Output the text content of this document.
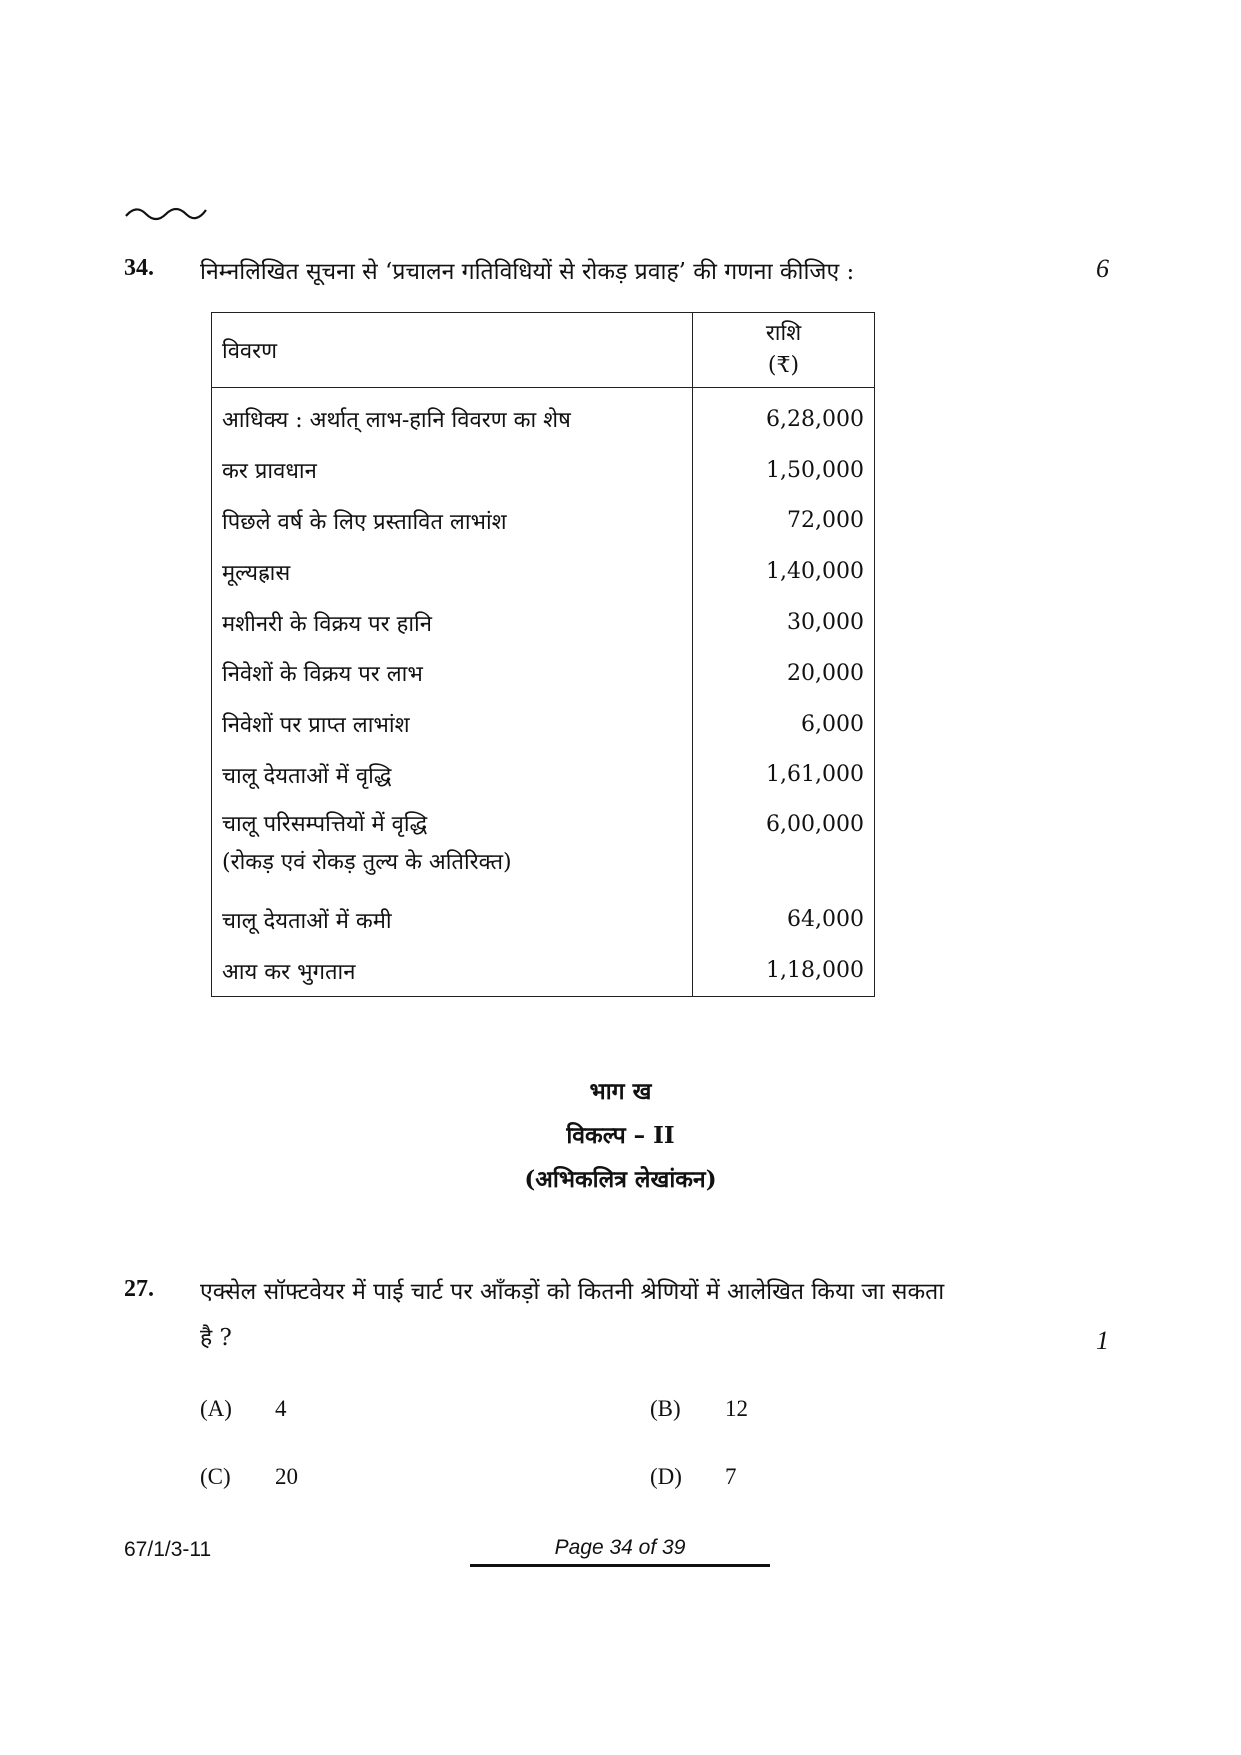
34. निम्नलिखित सूचना से ‘प्रचालन गतिविधियों से रोकड़ प्रवाह’ की गणना कीजिए :	6
विवरण	राशि
(₹)

आधिक्य : अर्थात् लाभ-हानि विवरण का शेष	6,28,000
कर प्रावधान	1,50,000
पिछले वर्ष के लिए प्रस्तावित लाभांश	72,000
मूल्यह्रास	1,40,000
मशीनरी के विक्रय पर हानि	30,000
निवेशों के विक्रय पर लाभ	20,000
निवेशों पर प्राप्त लाभांश	6,000
चालू देयताओं में वृद्धि	1,61,000

चालू परिसम्पत्तियों में वृद्धि
(रोकड़ एवं रोकड़ तुल्य के अतिरिक्त)	6,00,000
चालू देयताओं में कमी	64,000
आय कर भुगतान	1,18,000
भाग ख
विकल्प – II
(अभिकलित्र लेखांकन)
27. एक्सेल सॉफ्टवेयर में पाई चार्ट पर आँकड़ों को कितनी श्रेणियों में आलेखित किया जा सकता
है ?	1
(A) 4	(B) 12
(C) 20	(D) 7
67/1/3-11	Page 34 of 39
